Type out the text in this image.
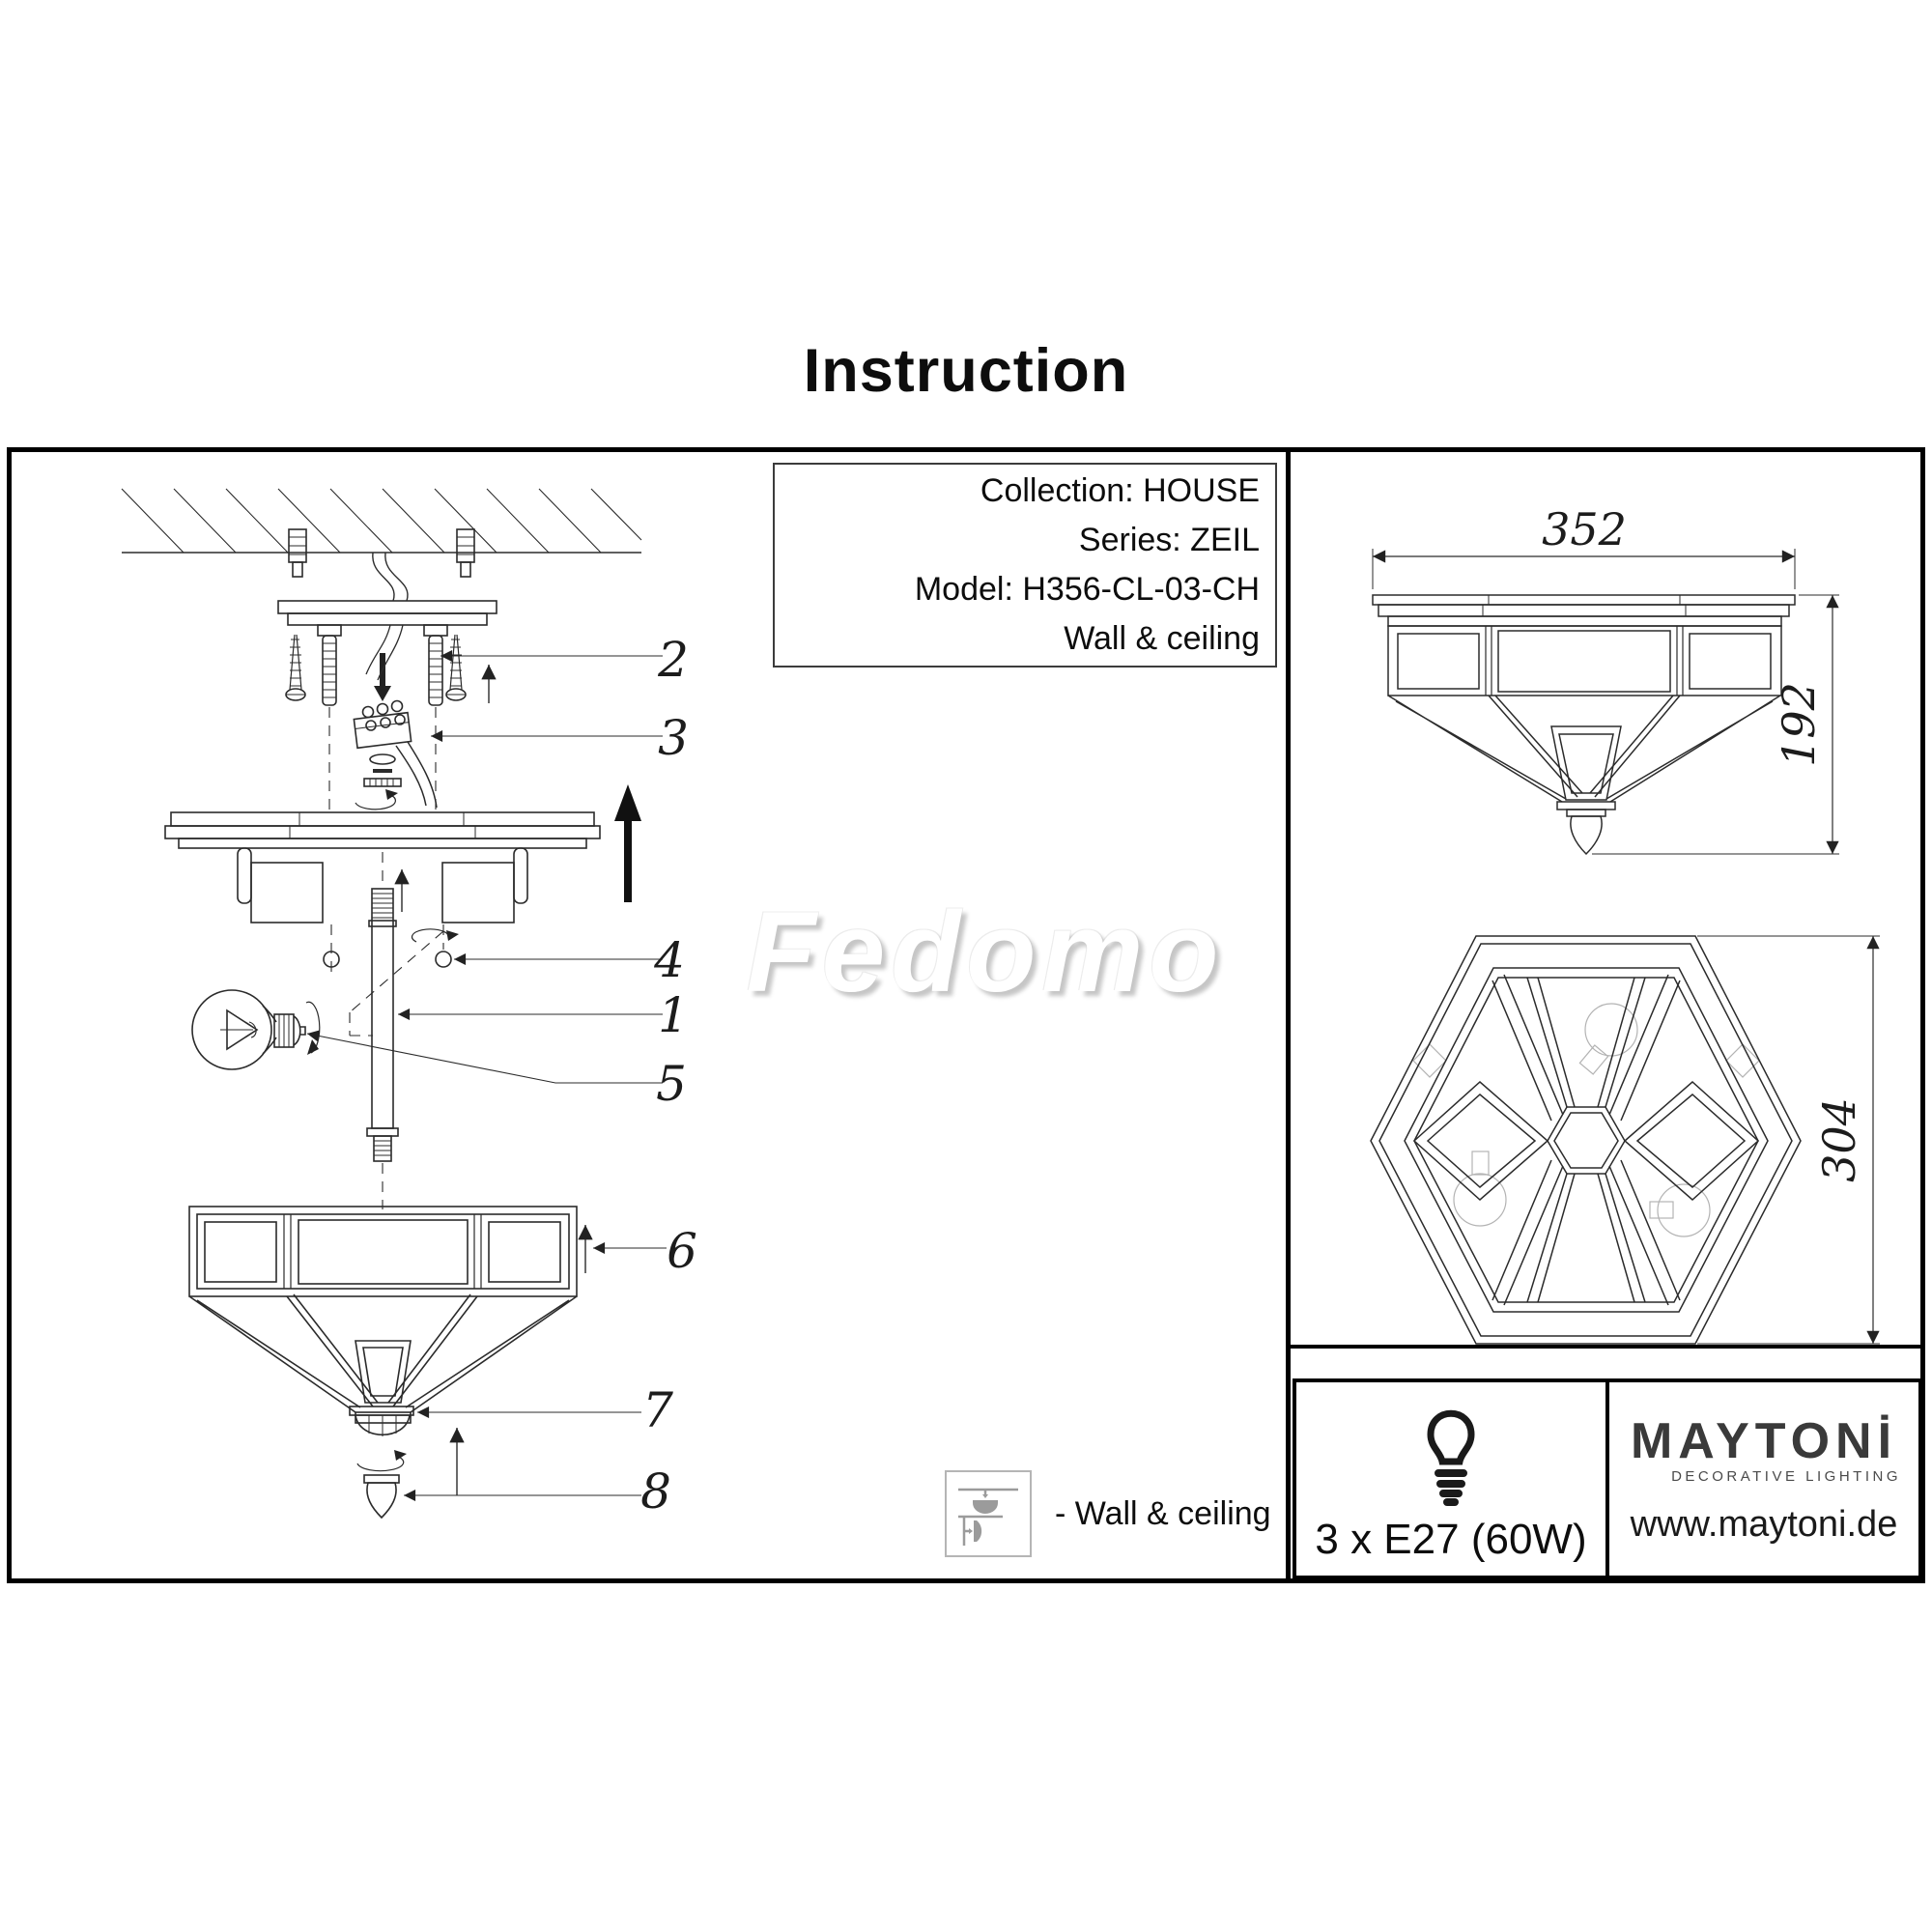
Instruction
Fedomo
Collection: HOUSE
Series: ZEIL
Model: H356-CL-03-CH
Wall & ceiling
2
3
4
1
5
6
7
8
352
192
304
- Wall & ceiling
3 x E27 (60W)
MAYTONİ
DECORATIVE LIGHTING
www.maytoni.de
